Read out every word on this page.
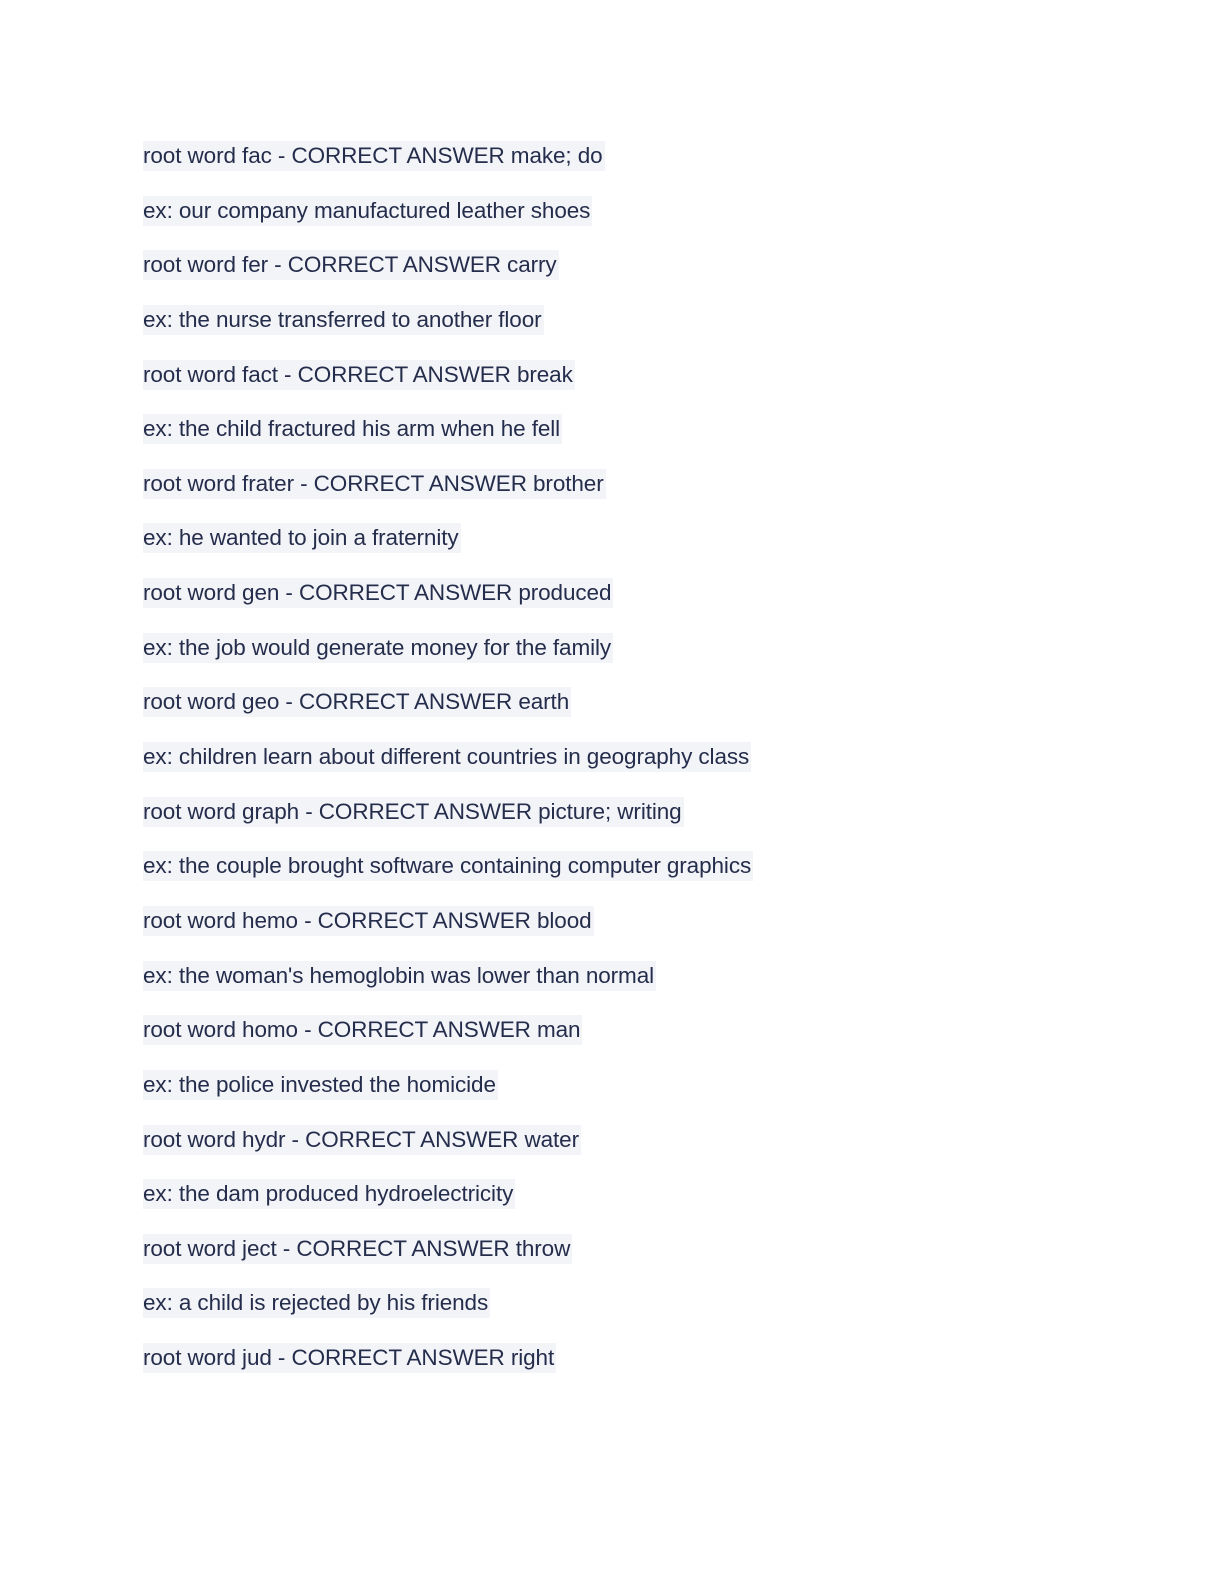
root word fac - CORRECT ANSWER make; do
ex: our company manufactured leather shoes
root word fer - CORRECT ANSWER carry
ex: the nurse transferred to another floor
root word fact - CORRECT ANSWER break
ex: the child fractured his arm when he fell
root word frater - CORRECT ANSWER brother
ex: he wanted to join a fraternity
root word gen - CORRECT ANSWER produced
ex: the job would generate money for the family
root word geo - CORRECT ANSWER earth
ex: children learn about different countries in geography class
root word graph - CORRECT ANSWER picture; writing
ex: the couple brought software containing computer graphics
root word hemo - CORRECT ANSWER blood
ex: the woman's hemoglobin was lower than normal
root word homo - CORRECT ANSWER man
ex: the police invested the homicide
root word hydr - CORRECT ANSWER water
ex: the dam produced hydroelectricity
root word ject - CORRECT ANSWER throw
ex: a child is rejected by his friends
root word jud - CORRECT ANSWER right
